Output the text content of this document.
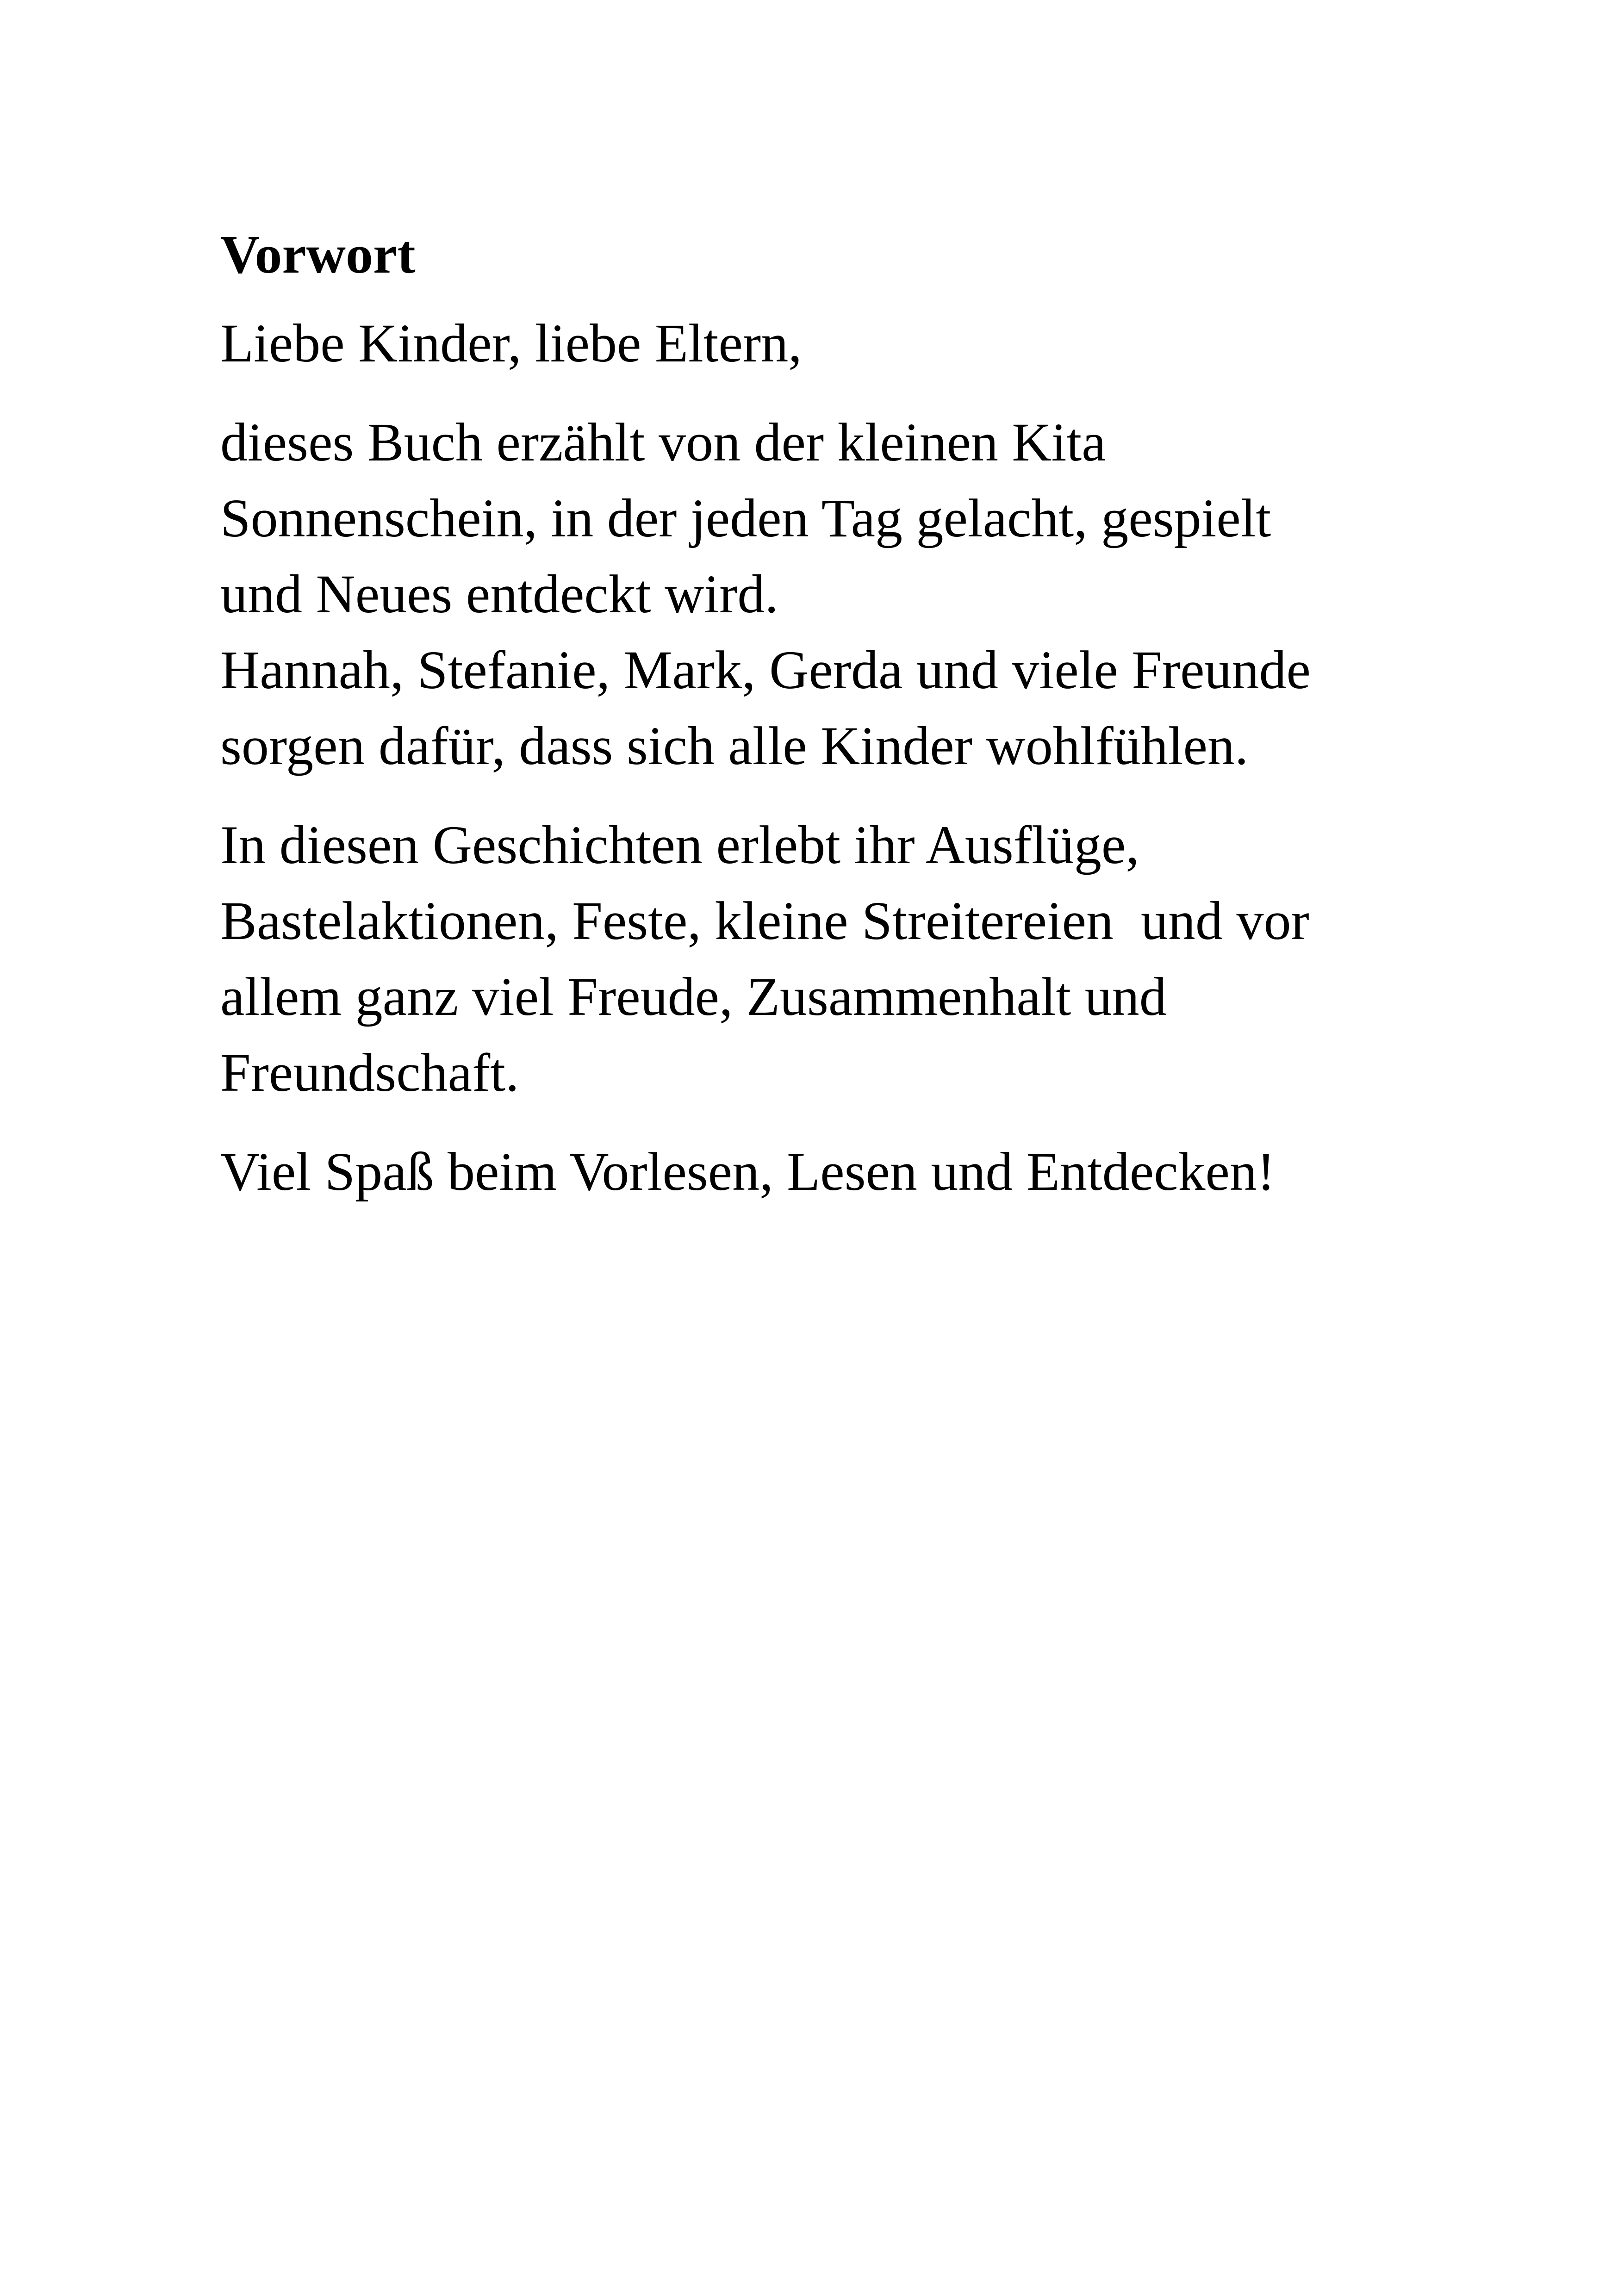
Vorwort

Liebe Kinder, liebe Eltern,

dieses Buch erzählt von der kleinen Kita
Sonnenschein, in der jeden Tag gelacht, gespielt
und Neues entdeckt wird.
Hannah, Stefanie, Mark, Gerda und viele Freunde
sorgen dafür, dass sich alle Kinder wohlfühlen.

In diesen Geschichten erlebt ihr Ausflüge,
Bastelaktionen, Feste, kleine Streitereien  und vor
allem ganz viel Freude, Zusammenhalt und
Freundschaft.

Viel Spaß beim Vorlesen, Lesen und Entdecken!
